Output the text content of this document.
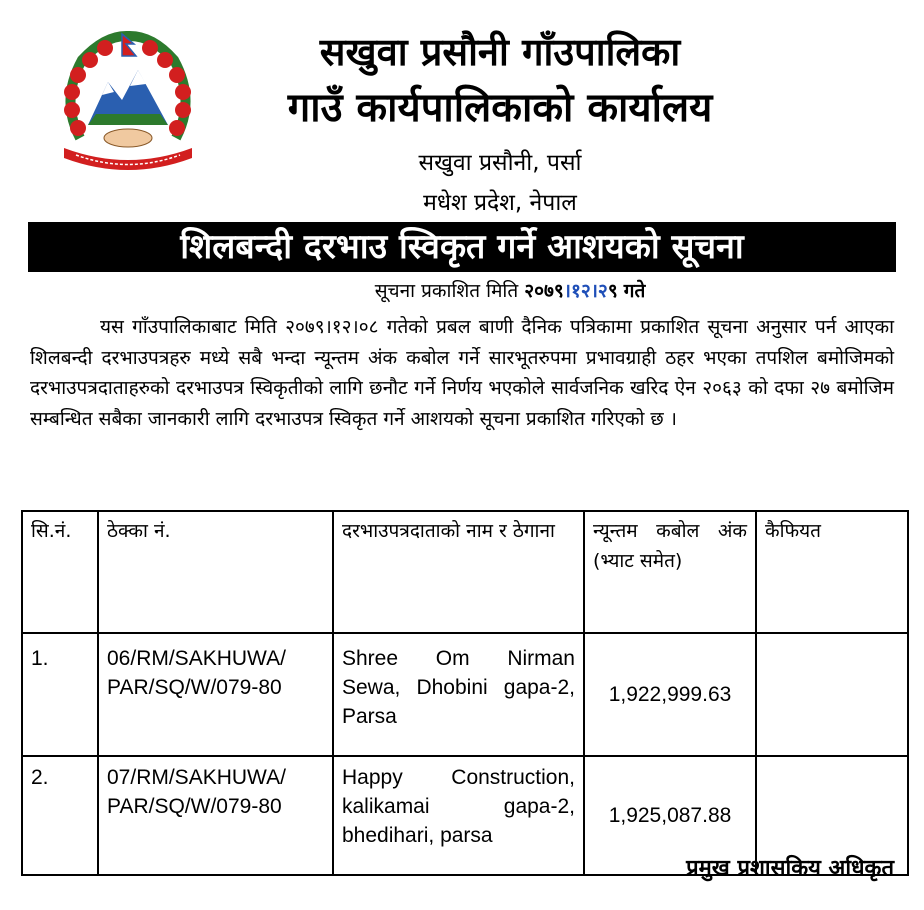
सखुवा प्रसौनी गाँउपालिका
गाउँ कार्यपालिकाको कार्यालय
सखुवा प्रसौनी, पर्सा
मधेश प्रदेश, नेपाल
शिलबन्दी दरभाउ स्विकृत गर्ने आशयको सूचना
सूचना प्रकाशित मिति २०७९।१२।२९ गते
यस गाँउपालिकाबाट मिति २०७९।१२।०८ गतेको प्रबल बाणी दैनिक पत्रिकामा प्रकाशित सूचना अनुसार पर्न आएका शिलबन्दी दरभाउपत्रहरु मध्ये सबै भन्दा न्यून्तम अंक कबोल गर्ने सारभूतरुपमा प्रभावग्राही ठहर भएका तपशिल बमोजिमको दरभाउपत्रदाताहरुको दरभाउपत्र स्विकृतीको लागि छनौट गर्ने निर्णय भएकोले सार्वजनिक खरिद ऐन २०६३ को दफा २७ बमोजिम सम्बन्धित सबैका जानकारी लागि दरभाउपत्र स्विकृत गर्ने आशयको सूचना प्रकाशित गरिएको छ ।
सि.नं.	ठेक्का नं.	दरभाउपत्रदाताको नाम र ठेगाना	न्यून्तम कबोल अंक (भ्याट समेत)	कैफियत
1.	06/RM/SAKHUWA/ PAR/SQ/W/079-80	Shree Om Nirman Sewa, Dhobini gapa-2, Parsa	1,922,999.63	
2.	07/RM/SAKHUWA/ PAR/SQ/W/079-80	Happy Construction, kalikamai gapa-2, bhedihari, parsa	1,925,087.88	
प्रमुख प्रशासकिय अधिकृत
